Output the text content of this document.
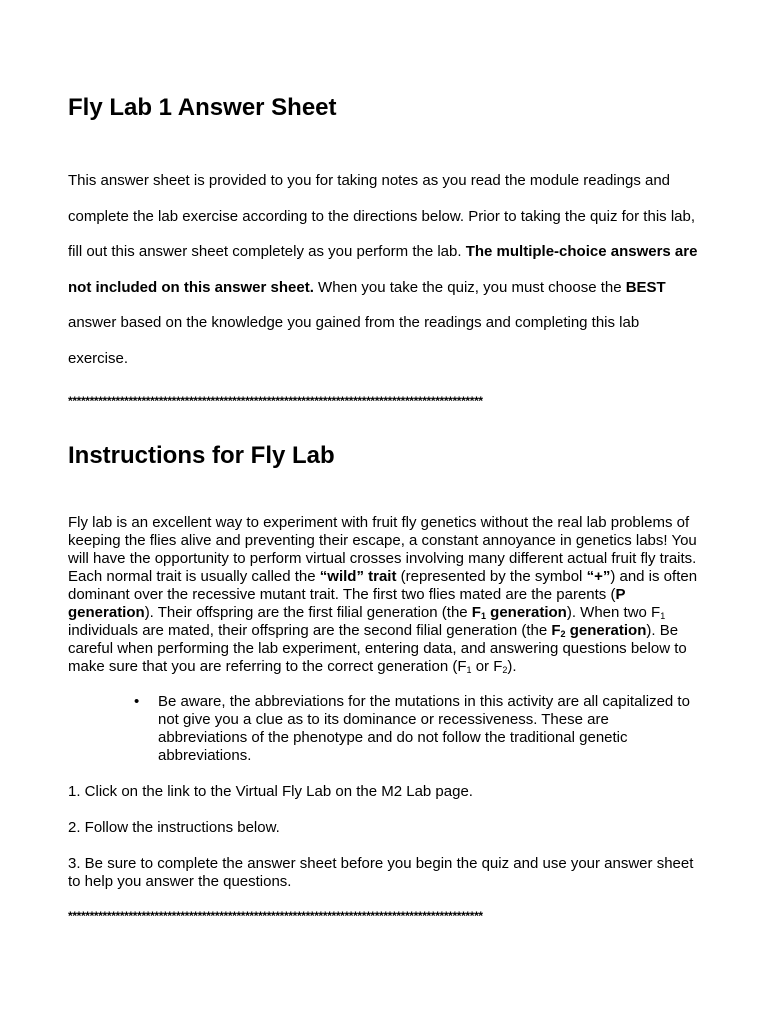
Fly Lab 1 Answer Sheet

This answer sheet is provided to you for taking notes as you read the module readings and
complete the lab exercise according to the directions below. Prior to taking the quiz for this lab,
fill out this answer sheet completely as you perform the lab. The multiple-choice answers are
not included on this answer sheet. When you take the quiz, you must choose the BEST
answer based on the knowledge you gained from the readings and completing this lab
exercise.

************************************************************************************************

Instructions for Fly Lab

Fly lab is an excellent way to experiment with fruit fly genetics without the real lab problems of
keeping the flies alive and preventing their escape, a constant annoyance in genetics labs! You
will have the opportunity to perform virtual crosses involving many different actual fruit fly traits.
Each normal trait is usually called the “wild” trait (represented by the symbol “+”) and is often
dominant over the recessive mutant trait. The first two flies mated are the parents (P
generation). Their offspring are the first filial generation (the $F_1$ generation). When two $F_1$
individuals are mated, their offspring are the second filial generation (the $F_2$ generation). Be
careful when performing the lab experiment, entering data, and answering questions below to
make sure that you are referring to the correct generation ($F_1$ or $F_2$).

• Be aware, the abbreviations for the mutations in this activity are all capitalized to
not give you a clue as to its dominance or recessiveness. These are
abbreviations of the phenotype and do not follow the traditional genetic
abbreviations.

1. Click on the link to the Virtual Fly Lab on the M2 Lab page.

2. Follow the instructions below.

3. Be sure to complete the answer sheet before you begin the quiz and use your answer sheet
to help you answer the questions.

************************************************************************************************
